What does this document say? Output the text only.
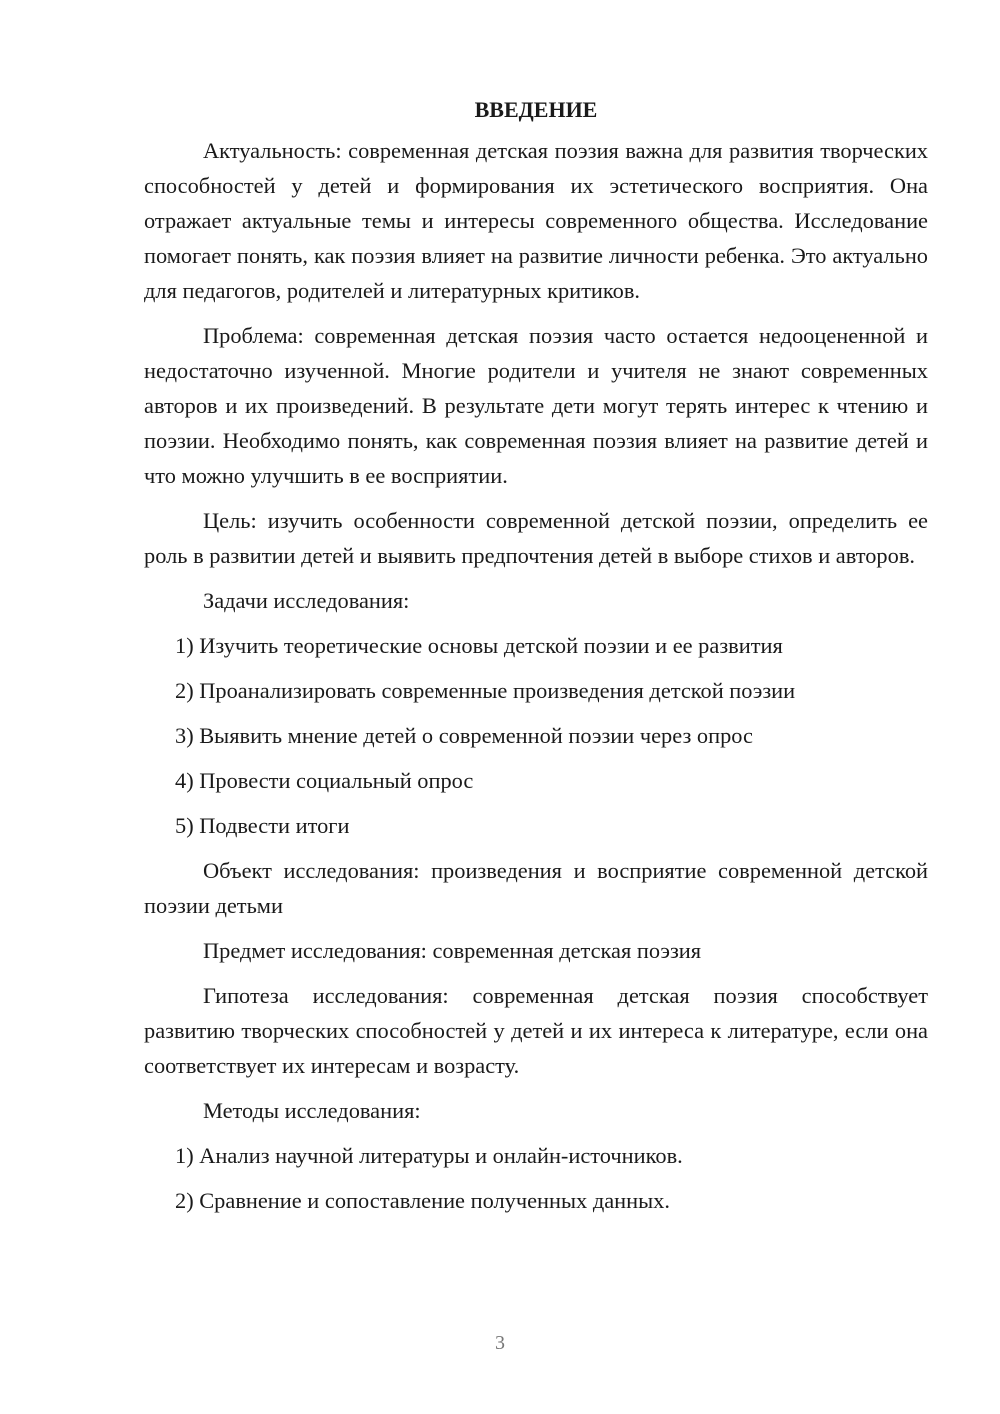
ВВЕДЕНИЕ

Актуальность: современная детская поэзия важна для развития творческих способностей у детей и формирования их эстетического восприятия. Она отражает актуальные темы и интересы современного общества. Исследование помогает понять, как поэзия влияет на развитие личности ребенка. Это актуально для педагогов, родителей и литературных критиков.

Проблема: современная детская поэзия часто остается недооцененной и недостаточно изученной. Многие родители и учителя не знают современных авторов и их произведений. В результате дети могут терять интерес к чтению и поэзии. Необходимо понять, как современная поэзия влияет на развитие детей и что можно улучшить в ее восприятии.

Цель: изучить особенности современной детской поэзии, определить ее роль в развитии детей и выявить предпочтения детей в выборе стихов и авторов.

Задачи исследования:

1) Изучить теоретические основы детской поэзии и ее развития

2) Проанализировать современные произведения детской поэзии

3) Выявить мнение детей о современной поэзии через опрос

4) Провести социальный опрос

5) Подвести итоги

Объект исследования: произведения и восприятие современной детской поэзии детьми

Предмет исследования: современная детская поэзия

Гипотеза исследования: современная детская поэзия способствует развитию творческих способностей у детей и их интереса к литературе, если она соответствует их интересам и возрасту.

Методы исследования:

1) Анализ научной литературы и онлайн-источников.

2) Сравнение и сопоставление полученных данных.

3
